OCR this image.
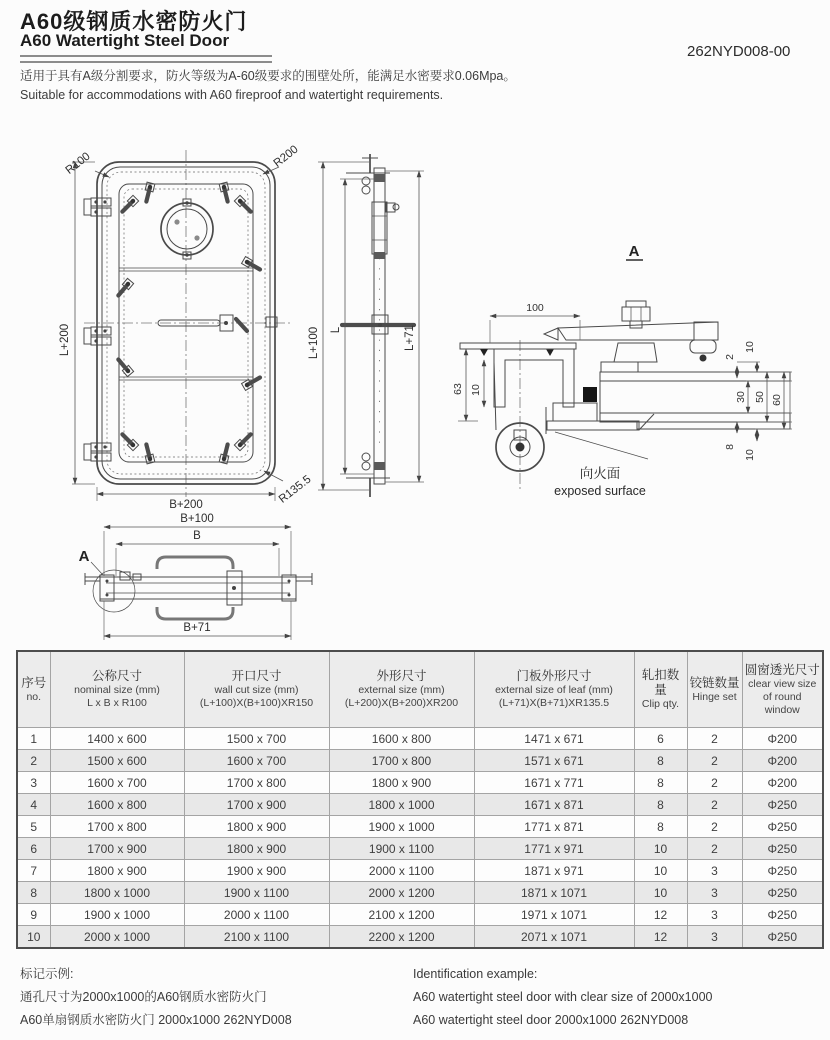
A60级钢质水密防火门
A60 Watertight Steel Door
262NYD008-00
适用于具有A级分割要求，防火等级为A-60级要求的围壁处所，能满足水密要求0.06Mpa。
Suitable for accommodations with A60 fireproof and watertight requirements.
L+200
B+200
R100	R200
R135.5
L+100 L	L+71
A
100
63 10
2
10
30 50 60
8
10
向火面
exposed surface
B+100
B
A
B+71
序号
no.

公称尺寸
nominal size (mm)
L x B x R100

开口尺寸
wall cut size (mm)
(L+100)X(B+100)XR150

外形尺寸
external size (mm)
(L+200)X(B+200)XR200

门板外形尺寸
external size of leaf (mm)
(L+71)X(B+71)XR135.5

轧扣数量
Clip qty.

铰链数量
Hinge set

圆窗透光尺寸
clear view size
of round window

1	1400 x 600	1500 x 700	1600 x 800	1471 x 671	6	2	Φ200
2	1500 x 600	1600 x 700	1700 x 800	1571 x 671	8	2	Φ200
3	1600 x 700	1700 x 800	1800 x 900	1671 x 771	8	2	Φ200
4	1600 x 800	1700 x 900	1800 x 1000	1671 x 871	8	2	Φ250
5	1700 x 800	1800 x 900	1900 x 1000	1771 x 871	8	2	Φ250
6	1700 x 900	1800 x 900	1900 x 1100	1771 x 971	10	2	Φ250
7	1800 x 900	1900 x 900	2000 x 1100	1871 x 971	10	3	Φ250
8	1800 x 1000	1900 x 1100	2000 x 1200	1871 x 1071	10	3	Φ250
9	1900 x 1000	2000 x 1100	2100 x 1200	1971 x 1071	12	3	Φ250
10	2000 x 1000	2100 x 1100	2200 x 1200	2071 x 1071	12	3	Φ250
标记示例:
通孔尺寸为2000x1000的A60钢质水密防火门
A60单扇钢质水密防火门 2000x1000 262NYD008
Identification example:
A60 watertight steel door with clear size of 2000x1000
A60 watertight steel door 2000x1000 262NYD008
